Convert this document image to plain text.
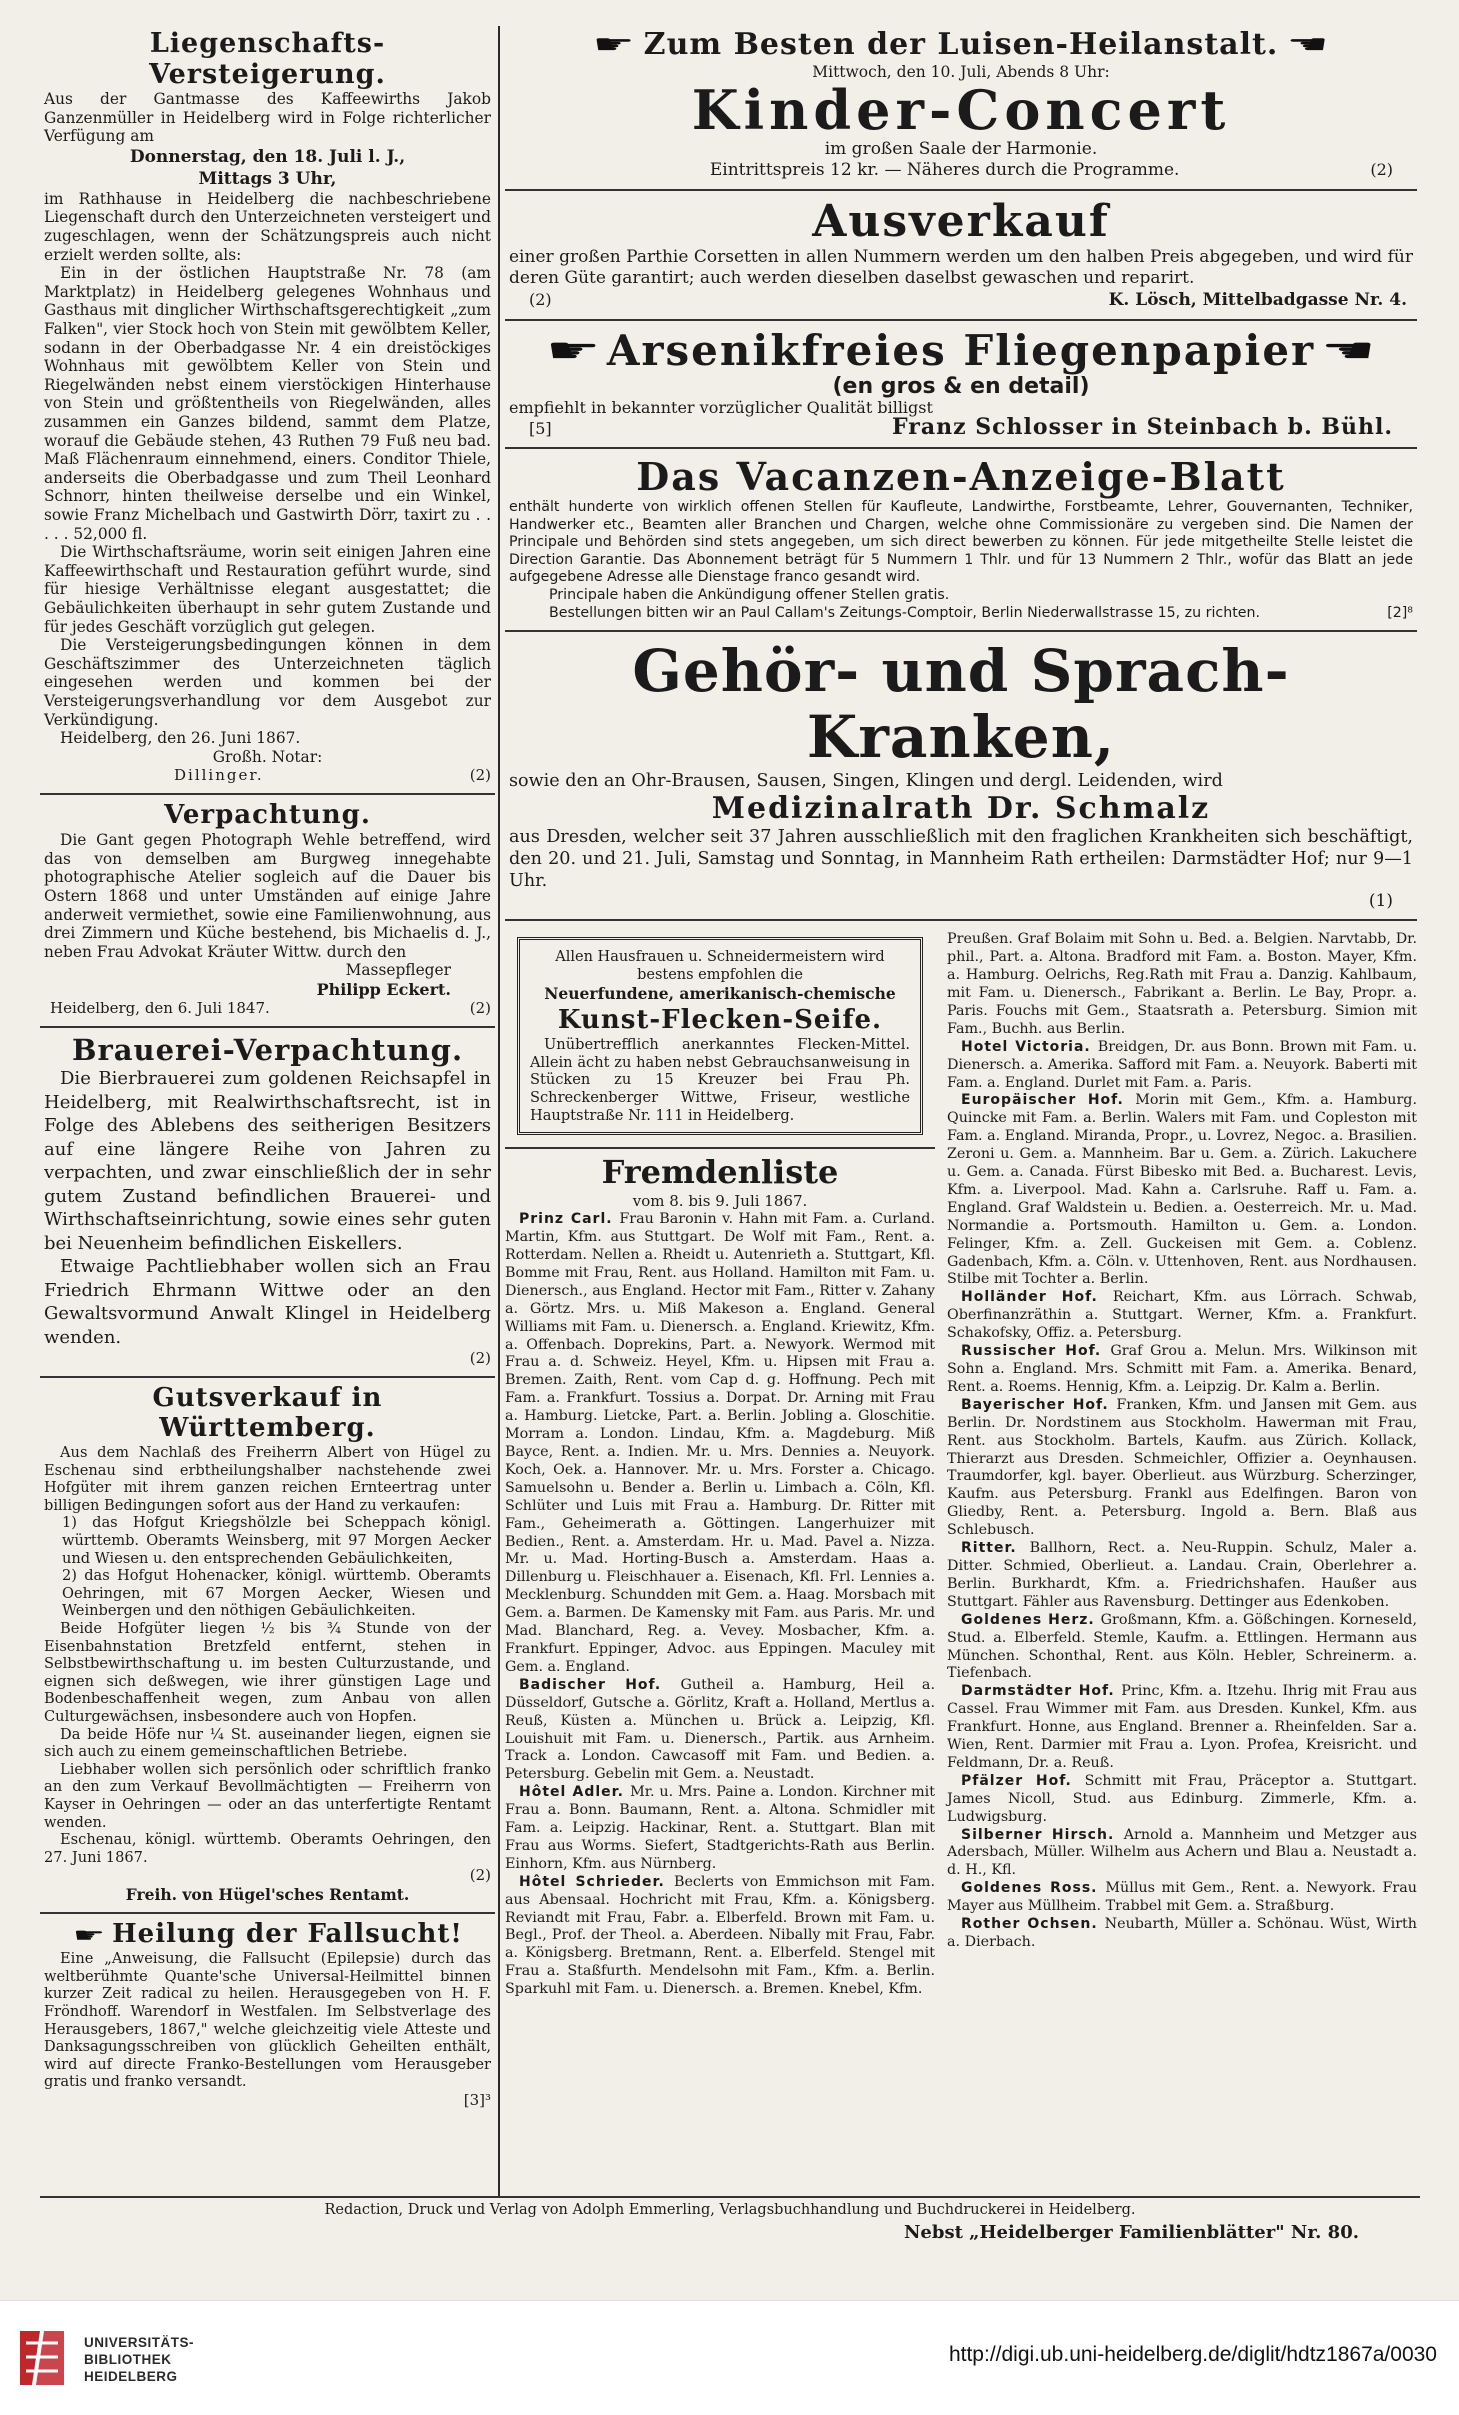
Liegenschafts-Versteigerung.
Aus der Gantmasse des Kaffeewirths Jakob Ganzenmüller in Heidelberg wird in Folge richterlicher Verfügung am
Donnerstag, den 18. Juli l. J.,
Mittags 3 Uhr,
im Rathhause in Heidelberg die nachbeschriebene Liegenschaft durch den Unterzeichneten versteigert und zugeschlagen, wenn der Schätzungspreis auch nicht erzielt werden sollte, als:
Ein in der östlichen Hauptstraße Nr. 78 (am Marktplatz) in Heidelberg gelegenes Wohnhaus und Gasthaus mit dinglicher Wirthschaftsgerechtigkeit „zum Falken", vier Stock hoch von Stein mit gewölbtem Keller, sodann in der Oberbadgasse Nr. 4 ein dreistöckiges Wohnhaus mit gewölbtem Keller von Stein und Riegelwänden nebst einem vierstöckigen Hinterhause von Stein und größtentheils von Riegelwänden, alles zusammen ein Ganzes bildend, sammt dem Platze, worauf die Gebäude stehen, 43 Ruthen 79 Fuß neu bad. Maß Flächenraum einnehmend, einers. Conditor Thiele, anderseits die Oberbadgasse und zum Theil Leonhard Schnorr, hinten theilweise derselbe und ein Winkel, sowie Franz Michelbach und Gastwirth Dörr, taxirt zu . . . . . 52,000 fl.
Die Wirthschaftsräume, worin seit einigen Jahren eine Kaffeewirthschaft und Restauration geführt wurde, sind für hiesige Verhältnisse elegant ausgestattet; die Gebäulichkeiten überhaupt in sehr gutem Zustande und für jedes Geschäft vorzüglich gut gelegen.
Die Versteigerungsbedingungen können in dem Geschäftszimmer des Unterzeichneten täglich eingesehen werden und kommen bei der Versteigerungsverhandlung vor dem Ausgebot zur Verkündigung.
Heidelberg, den 26. Juni 1867.
Großh. Notar:
Dillinger.	(2)
Verpachtung.
Die Gant gegen Photograph Wehle betreffend, wird das von demselben am Burgweg innegehabte photographische Atelier sogleich auf die Dauer bis Ostern 1868 und unter Umständen auf einige Jahre anderweit vermiethet, sowie eine Familienwohnung, aus drei Zimmern und Küche bestehend, bis Michaelis d. J., neben Frau Advokat Kräuter Wittw. durch den
Massepfleger
Philipp Eckert.
Heidelberg, den 6. Juli 1847.	(2)
Brauerei-Verpachtung.
Die Bierbrauerei zum goldenen Reichsapfel in Heidelberg, mit Realwirthschaftsrecht, ist in Folge des Ablebens des seitherigen Besitzers auf eine längere Reihe von Jahren zu verpachten, und zwar einschließlich der in sehr gutem Zustand befindlichen Brauerei- und Wirthschaftseinrichtung, sowie eines sehr guten bei Neuenheim befindlichen Eiskellers.
Etwaige Pachtliebhaber wollen sich an Frau Friedrich Ehrmann Wittwe oder an den Gewaltsvormund Anwalt Klingel in Heidelberg wenden.
(2)
Gutsverkauf in Württemberg.
Aus dem Nachlaß des Freiherrn Albert von Hügel zu Eschenau sind erbtheilungshalber nachstehende zwei Hofgüter mit ihrem ganzen reichen Ernteertrag unter billigen Bedingungen sofort aus der Hand zu verkaufen:
1) das Hofgut Kriegshölzle bei Scheppach königl. württemb. Oberamts Weinsberg, mit 97 Morgen Aecker und Wiesen u. den entsprechenden Gebäulichkeiten,
2) das Hofgut Hohenacker, königl. württemb. Oberamts Oehringen, mit 67 Morgen Aecker, Wiesen und Weinbergen und den nöthigen Gebäulichkeiten.
Beide Hofgüter liegen ½ bis ¾ Stunde von der Eisenbahnstation Bretzfeld entfernt, stehen in Selbstbewirthschaftung u. im besten Culturzustande, und eignen sich deßwegen, wie ihrer günstigen Lage und Bodenbeschaffenheit wegen, zum Anbau von allen Culturgewächsen, insbesondere auch von Hopfen.
Da beide Höfe nur ¼ St. auseinander liegen, eignen sie sich auch zu einem gemeinschaftlichen Betriebe.
Liebhaber wollen sich persönlich oder schriftlich franko an den zum Verkauf Bevollmächtigten — Freiherrn von Kayser in Oehringen — oder an das unterfertigte Rentamt wenden.
Eschenau, königl. württemb. Oberamts Oehringen, den 27. Juni 1867.
(2)
Freih. von Hügel'sches Rentamt.
☛ Heilung der Fallsucht!
Eine „Anweisung, die Fallsucht (Epilepsie) durch das weltberühmte Quante'sche Universal-Heilmittel binnen kurzer Zeit radical zu heilen. Herausgegeben von H. F. Fröndhoff. Warendorf in Westfalen. Im Selbstverlage des Herausgebers, 1867," welche gleichzeitig viele Atteste und Danksagungsschreiben von glücklich Geheilten enthält, wird auf directe Franko-Bestellungen vom Herausgeber gratis und franko versandt.
[3]³
☛ Zum Besten der Luisen-Heilanstalt. ☚
Mittwoch, den 10. Juli, Abends 8 Uhr:
Kinder-Concert
im großen Saale der Harmonie.
Eintrittspreis 12 kr. — Näheres durch die Programme.	(2)
Ausverkauf
einer großen Parthie Corsetten in allen Nummern werden um den halben Preis abgegeben, und wird für deren Güte garantirt; auch werden dieselben daselbst gewaschen und reparirt.
(2)	K. Lösch, Mittelbadgasse Nr. 4.
☛ Arsenikfreies Fliegenpapier ☚
(en gros & en detail)
empfiehlt in bekannter vorzüglicher Qualität billigst
[5]	Franz Schlosser in Steinbach b. Bühl.
Das Vacanzen-Anzeige-Blatt
enthält hunderte von wirklich offenen Stellen für Kaufleute, Landwirthe, Forstbeamte, Lehrer, Gouvernanten, Techniker, Handwerker etc., Beamten aller Branchen und Chargen, welche ohne Commissionäre zu vergeben sind. Die Namen der Principale und Behörden sind stets angegeben, um sich direct bewerben zu können. Für jede mitgetheilte Stelle leistet die Direction Garantie. Das Abonnement beträgt für 5 Nummern 1 Thlr. und für 13 Nummern 2 Thlr., wofür das Blatt an jede aufgegebene Adresse alle Dienstage franco gesandt wird.
Principale haben die Ankündigung offener Stellen gratis.
Bestellungen bitten wir an Paul Callam's Zeitungs-Comptoir, Berlin Niederwallstrasse 15, zu richten.	[2]⁸
Gehör- und Sprach-Kranken,
sowie den an Ohr-Brausen, Sausen, Singen, Klingen und dergl. Leidenden, wird
Medizinalrath Dr. Schmalz
aus Dresden, welcher seit 37 Jahren ausschließlich mit den fraglichen Krankheiten sich beschäftigt, den 20. und 21. Juli, Samstag und Sonntag, in Mannheim Rath ertheilen: Darmstädter Hof; nur 9—1 Uhr.
(1)
Allen Hausfrauen u. Schneidermeistern wird bestens empfohlen die
Neuerfundene, amerikanisch-chemische
Kunst-Flecken-Seife.
Unübertrefflich anerkanntes Flecken-Mittel. Allein ächt zu haben nebst Gebrauchsanweisung in Stücken zu 15 Kreuzer bei Frau Ph. Schreckenberger Wittwe, Friseur, westliche Hauptstraße Nr. 111 in Heidelberg.
Fremdenliste
vom 8. bis 9. Juli 1867.
Prinz Carl. Frau Baronin v. Hahn mit Fam. a. Curland. Martin, Kfm. aus Stuttgart. De Wolf mit Fam., Rent. a. Rotterdam. Nellen a. Rheidt u. Autenrieth a. Stuttgart, Kfl. Bomme mit Frau, Rent. aus Holland. Hamilton mit Fam. u. Dienersch., aus England. Hector mit Fam., Ritter v. Zahany a. Görtz. Mrs. u. Miß Makeson a. England. General Williams mit Fam. u. Dienersch. a. England. Kriewitz, Kfm. a. Offenbach. Doprekins, Part. a. Newyork. Wermod mit Frau a. d. Schweiz. Heyel, Kfm. u. Hipsen mit Frau a. Bremen. Zaith, Rent. vom Cap d. g. Hoffnung. Pech mit Fam. a. Frankfurt. Tossius a. Dorpat. Dr. Arning mit Frau a. Hamburg. Lietcke, Part. a. Berlin. Jobling a. Gloschitie. Morram a. London. Lindau, Kfm. a. Magdeburg. Miß Bayce, Rent. a. Indien. Mr. u. Mrs. Dennies a. Neuyork. Koch, Oek. a. Hannover. Mr. u. Mrs. Forster a. Chicago. Samuelsohn u. Bender a. Berlin u. Limbach a. Cöln, Kfl. Schlüter und Luis mit Frau a. Hamburg. Dr. Ritter mit Fam., Geheimerath a. Göttingen. Langerhuizer mit Bedien., Rent. a. Amsterdam. Hr. u. Mad. Pavel a. Nizza. Mr. u. Mad. Horting-Busch a. Amsterdam. Haas a. Dillenburg u. Fleischhauer a. Eisenach, Kfl. Frl. Lennies a. Mecklenburg. Schundden mit Gem. a. Haag. Morsbach mit Gem. a. Barmen. De Kamensky mit Fam. aus Paris. Mr. und Mad. Blanchard, Reg. a. Vevey. Mosbacher, Kfm. a. Frankfurt. Eppinger, Advoc. aus Eppingen. Maculey mit Gem. a. England.
Badischer Hof. Gutheil a. Hamburg, Heil a. Düsseldorf, Gutsche a. Görlitz, Kraft a. Holland, Mertlus a. Reuß, Küsten a. München u. Brück a. Leipzig, Kfl. Louishuit mit Fam. u. Dienersch., Partik. aus Arnheim. Track a. London. Cawcasoff mit Fam. und Bedien. a. Petersburg. Gebelin mit Gem. a. Neustadt.
Hôtel Adler. Mr. u. Mrs. Paine a. London. Kirchner mit Frau a. Bonn. Baumann, Rent. a. Altona. Schmidler mit Fam. a. Leipzig. Hackinar, Rent. a. Stuttgart. Blan mit Frau aus Worms. Siefert, Stadtgerichts-Rath aus Berlin. Einhorn, Kfm. aus Nürnberg.
Hôtel Schrieder. Beclerts von Emmichson mit Fam. aus Abensaal. Hochricht mit Frau, Kfm. a. Königsberg. Reviandt mit Frau, Fabr. a. Elberfeld. Brown mit Fam. u. Begl., Prof. der Theol. a. Aberdeen. Nibally mit Frau, Fabr. a. Königsberg. Bretmann, Rent. a. Elberfeld. Stengel mit Frau a. Staßfurth. Mendelsohn mit Fam., Kfm. a. Berlin. Sparkuhl mit Fam. u. Dienersch. a. Bremen. Knebel, Kfm.
Preußen. Graf Bolaim mit Sohn u. Bed. a. Belgien. Narvtabb, Dr. phil., Part. a. Altona. Bradford mit Fam. a. Boston. Mayer, Kfm. a. Hamburg. Oelrichs, Reg.Rath mit Frau a. Danzig. Kahlbaum, mit Fam. u. Dienersch., Fabrikant a. Berlin. Le Bay, Propr. a. Paris. Fouchs mit Gem., Staatsrath a. Petersburg. Simion mit Fam., Buchh. aus Berlin.
Hotel Victoria. Breidgen, Dr. aus Bonn. Brown mit Fam. u. Dienersch. a. Amerika. Safford mit Fam. a. Neuyork. Baberti mit Fam. a. England. Durlet mit Fam. a. Paris.
Europäischer Hof. Morin mit Gem., Kfm. a. Hamburg. Quincke mit Fam. a. Berlin. Walers mit Fam. und Copleston mit Fam. a. England. Miranda, Propr., u. Lovrez, Negoc. a. Brasilien. Zeroni u. Gem. a. Mannheim. Bar u. Gem. a. Zürich. Lakuchere u. Gem. a. Canada. Fürst Bibesko mit Bed. a. Bucharest. Levis, Kfm. a. Liverpool. Mad. Kahn a. Carlsruhe. Raff u. Fam. a. England. Graf Waldstein u. Bedien. a. Oesterreich. Mr. u. Mad. Normandie a. Portsmouth. Hamilton u. Gem. a. London. Felinger, Kfm. a. Zell. Guckeisen mit Gem. a. Coblenz. Gadenbach, Kfm. a. Cöln. v. Uttenhoven, Rent. aus Nordhausen. Stilbe mit Tochter a. Berlin.
Holländer Hof. Reichart, Kfm. aus Lörrach. Schwab, Oberfinanzräthin a. Stuttgart. Werner, Kfm. a. Frankfurt. Schakofsky, Offiz. a. Petersburg.
Russischer Hof. Graf Grou a. Melun. Mrs. Wilkinson mit Sohn a. England. Mrs. Schmitt mit Fam. a. Amerika. Benard, Rent. a. Roems. Hennig, Kfm. a. Leipzig. Dr. Kalm a. Berlin.
Bayerischer Hof. Franken, Kfm. und Jansen mit Gem. aus Berlin. Dr. Nordstinem aus Stockholm. Hawerman mit Frau, Rent. aus Stockholm. Bartels, Kaufm. aus Zürich. Kollack, Thierarzt aus Dresden. Schmeichler, Offizier a. Oeynhausen. Traumdorfer, kgl. bayer. Oberlieut. aus Würzburg. Scherzinger, Kaufm. aus Petersburg. Frankl aus Edelfingen. Baron von Gliedby, Rent. a. Petersburg. Ingold a. Bern. Blaß aus Schlebusch.
Ritter. Ballhorn, Rect. a. Neu-Ruppin. Schulz, Maler a. Ditter. Schmied, Oberlieut. a. Landau. Crain, Oberlehrer a. Berlin. Burkhardt, Kfm. a. Friedrichshafen. Haußer aus Stuttgart. Fähler aus Ravensburg. Dettinger aus Edenkoben.
Goldenes Herz. Großmann, Kfm. a. Gößchingen. Korneseld, Stud. a. Elberfeld. Stemle, Kaufm. a. Ettlingen. Hermann aus München. Schonthal, Rent. aus Köln. Hebler, Schreinerm. a. Tiefenbach.
Darmstädter Hof. Princ, Kfm. a. Itzehu. Ihrig mit Frau aus Cassel. Frau Wimmer mit Fam. aus Dresden. Kunkel, Kfm. aus Frankfurt. Honne, aus England. Brenner a. Rheinfelden. Sar a. Wien, Rent. Darmier mit Frau a. Lyon. Profea, Kreisricht. und Feldmann, Dr. a. Reuß.
Pfälzer Hof. Schmitt mit Frau, Präceptor a. Stuttgart. James Nicoll, Stud. aus Edinburg. Zimmerle, Kfm. a. Ludwigsburg.
Silberner Hirsch. Arnold a. Mannheim und Metzger aus Adersbach, Müller. Wilhelm aus Achern und Blau a. Neustadt a. d. H., Kfl.
Goldenes Ross. Müllus mit Gem., Rent. a. Newyork. Frau Mayer aus Müllheim. Trabbel mit Gem. a. Straßburg.
Rother Ochsen. Neubarth, Müller a. Schönau. Wüst, Wirth a. Dierbach.
Redaction, Druck und Verlag von Adolph Emmerling, Verlagsbuchhandlung und Buchdruckerei in Heidelberg.
Nebst „Heidelberger Familienblätter" Nr. 80.
UNIVERSITÄTS-
BIBLIOTHEK
HEIDELBERG
http://digi.ub.uni-heidelberg.de/diglit/hdtz1867a/0030
